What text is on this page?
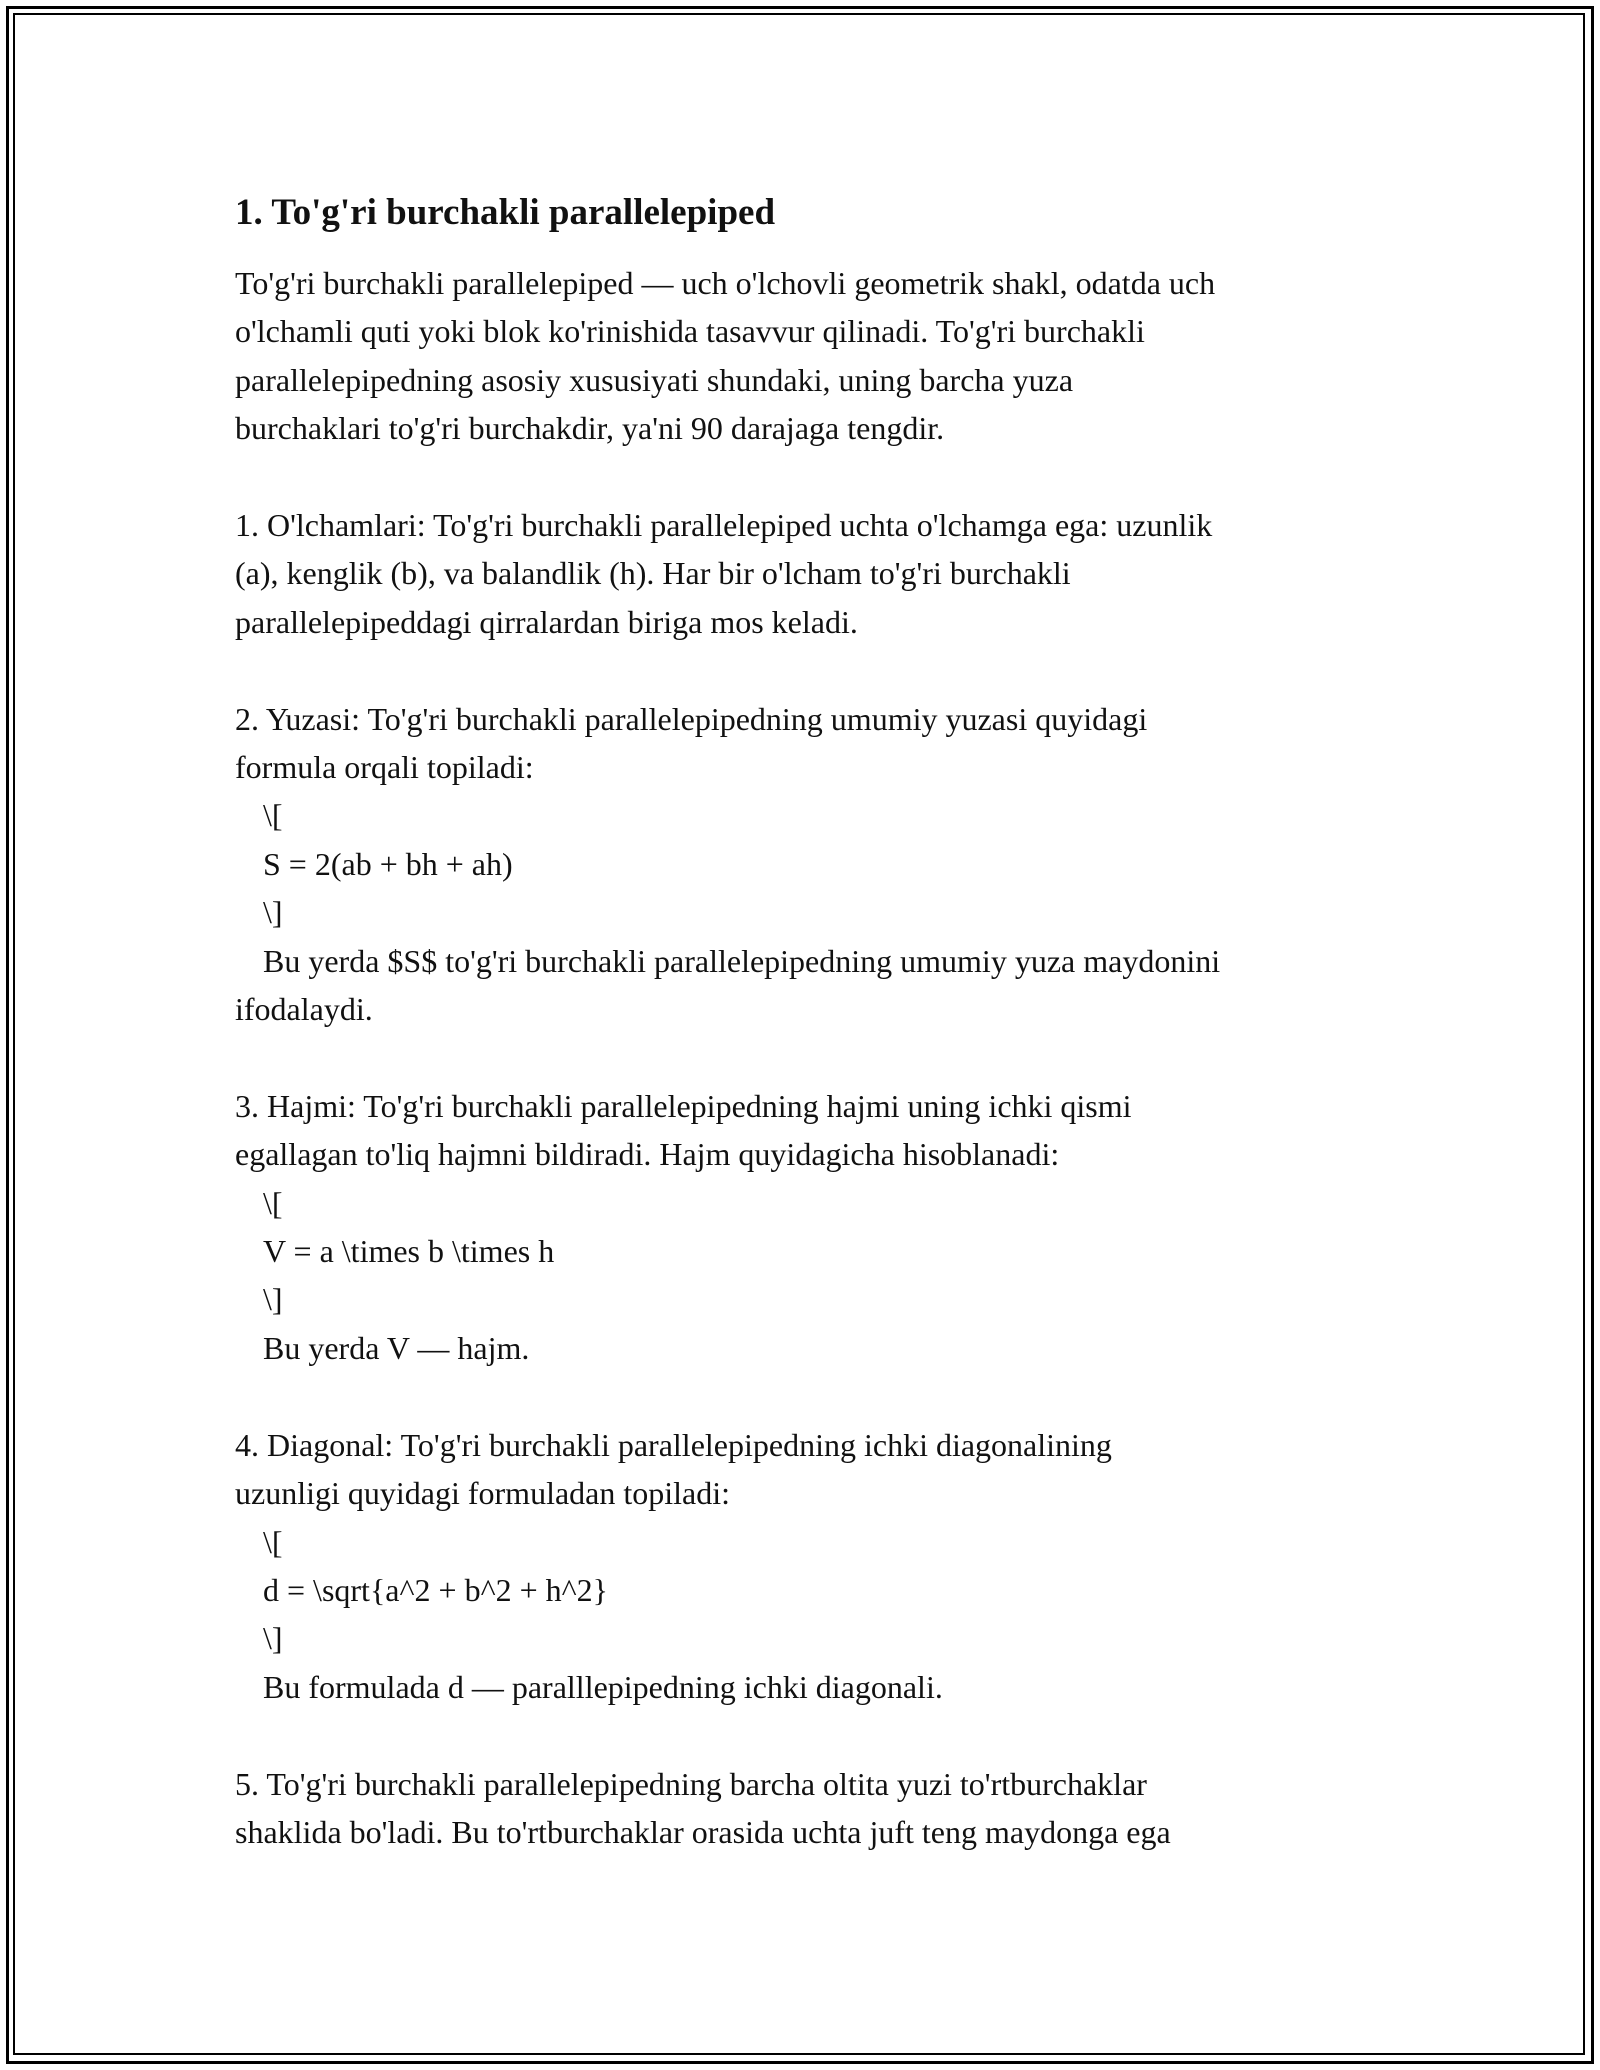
1. To'g'ri burchakli parallelepiped

To'g'ri burchakli parallelepiped — uch o'lchovli geometrik shakl, odatda uch

o'lchamli quti yoki blok ko'rinishida tasavvur qilinadi. To'g'ri burchakli

parallelepipedning asosiy xususiyati shundaki, uning barcha yuza

burchaklari to'g'ri burchakdir, ya'ni 90 darajaga tengdir.

1. O'lchamlari: To'g'ri burchakli parallelepiped uchta o'lchamga ega: uzunlik

(a), kenglik (b), va balandlik (h). Har bir o'lcham to'g'ri burchakli

parallelepipeddagi qirralardan biriga mos keladi.

2. Yuzasi: To'g'ri burchakli parallelepipedning umumiy yuzasi quyidagi

formula orqali topiladi:

\[

S = 2(ab + bh + ah)

\]

Bu yerda $S$ to'g'ri burchakli parallelepipedning umumiy yuza maydonini

ifodalaydi.

3. Hajmi: To'g'ri burchakli parallelepipedning hajmi uning ichki qismi

egallagan to'liq hajmni bildiradi. Hajm quyidagicha hisoblanadi:

\[

V = a \times b \times h

\]

Bu yerda V — hajm.

4. Diagonal: To'g'ri burchakli parallelepipedning ichki diagonalining

uzunligi quyidagi formuladan topiladi:

\[

d = \sqrt{a^2 + b^2 + h^2}

\]

Bu formulada d — paralllepipedning ichki diagonali.

5. To'g'ri burchakli parallelepipedning barcha oltita yuzi to'rtburchaklar

shaklida bo'ladi. Bu to'rtburchaklar orasida uchta juft teng maydonga ega
